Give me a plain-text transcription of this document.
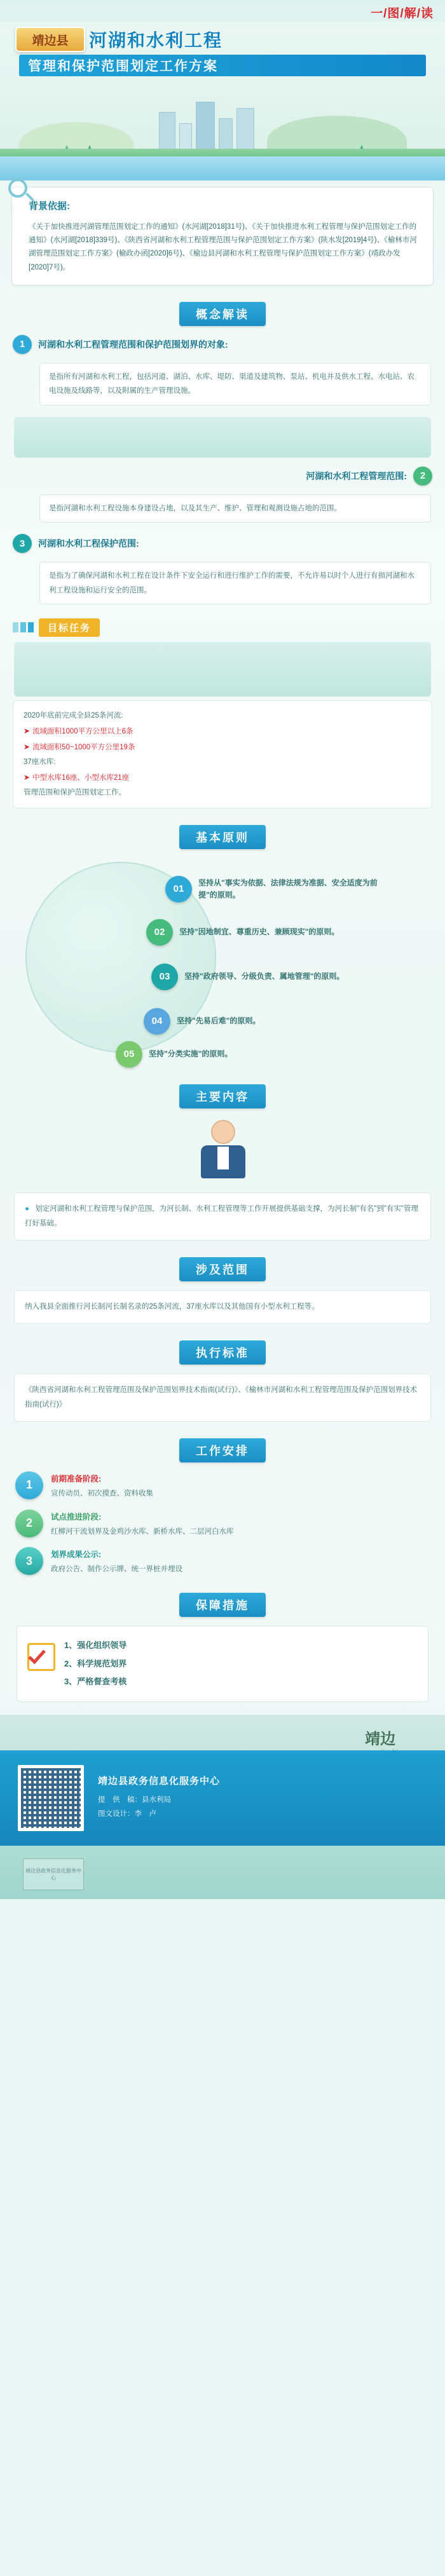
一/图/解/读
靖边县	河湖和水利工程
管理和保护范围划定工作方案
背景依据:
《关于加快推进河湖管理范围划定工作的通知》(水河湖[2018]31号)、《关于加快推进水利工程管理与保护范围划定工作的通知》(水河湖[2018]339号)、《陕西省河湖和水利工程管理范围与保护范围划定工作方案》(陕水发[2019]4号)、《榆林市河湖管理范围划定工作方案》(榆政办函[2020]6号)、《榆边县河湖和水利工程管理与保护范围划定工作方案》(靖政办发[2020]7号)。
概念解读
1	河湖和水利工程管理范围和保护范围划界的对象:
是指所有河湖和水利工程，包括河道、湖泊、水库、堤防、渠道及建筑物、泵站、机电井及供水工程、水电站、农电设施及线路等，以及附属的生产管理设施。
河湖和水利工程管理范围:	2
是指河湖和水利工程设施本身建设占地，以及其生产、维护、管理和观测设施占地的范围。
3	河湖和水利工程保护范围:
是指为了确保河湖和水利工程在设计条件下安全运行和进行维护工作的需要，不允许易以时个人进行有损河湖和水利工程设施和运行安全的范围。
目标任务
2020年底前完成全县25条河流:
➤ 流域面积1000平方公里以上6条
➤ 流域面积50~1000平方公里19条
37座水库:
➤ 中型水库16座、小型水库21座
管理范围和保护范围划定工作。
基本原则
01
坚持从"事实为依据、法律法规为准据、安全适度为前提"的原则。
02	坚持"因地制宜、尊重历史、兼顾现实"的原则。
03	坚持"政府领导、分级负责、属地管理"的原则。
04	坚持"先易后难"的原则。
05	坚持"分类实施"的原则。
主要内容
● 划定河湖和水利工程管理与保护范围，为河长制、水利工程管理等工作开展提供基础支撑，为河长制"有名"到"有实"管理打好基础。
涉及范围
纳入我县全面推行河长制河长制名录的25条河流，37座水库以及其他国有小型水利工程等。
执行标准
《陕西省河湖和水利工程管理范围及保护范围划界技术指南(试行)》、《榆林市河湖和水利工程管理范围及保护范围划界技术指南(试行)》
工作安排
1	前期准备阶段:
宣传动员、初次摸查、资料收集
2	试点推进阶段:
红柳河干流划界及金鸡沙水库、新桥水库、二层河白水库
3	划界成果公示:
政府公告、制作公示牌、统一界桩并埋设
保障措施
1、强化组织领导
2、科学规范划界
3、严格督查考核
靖边
靖边县政务信息化服务中心
提　供　稿：县水利局
图文设计：李　卢
靖边县政务信息化服务中心
